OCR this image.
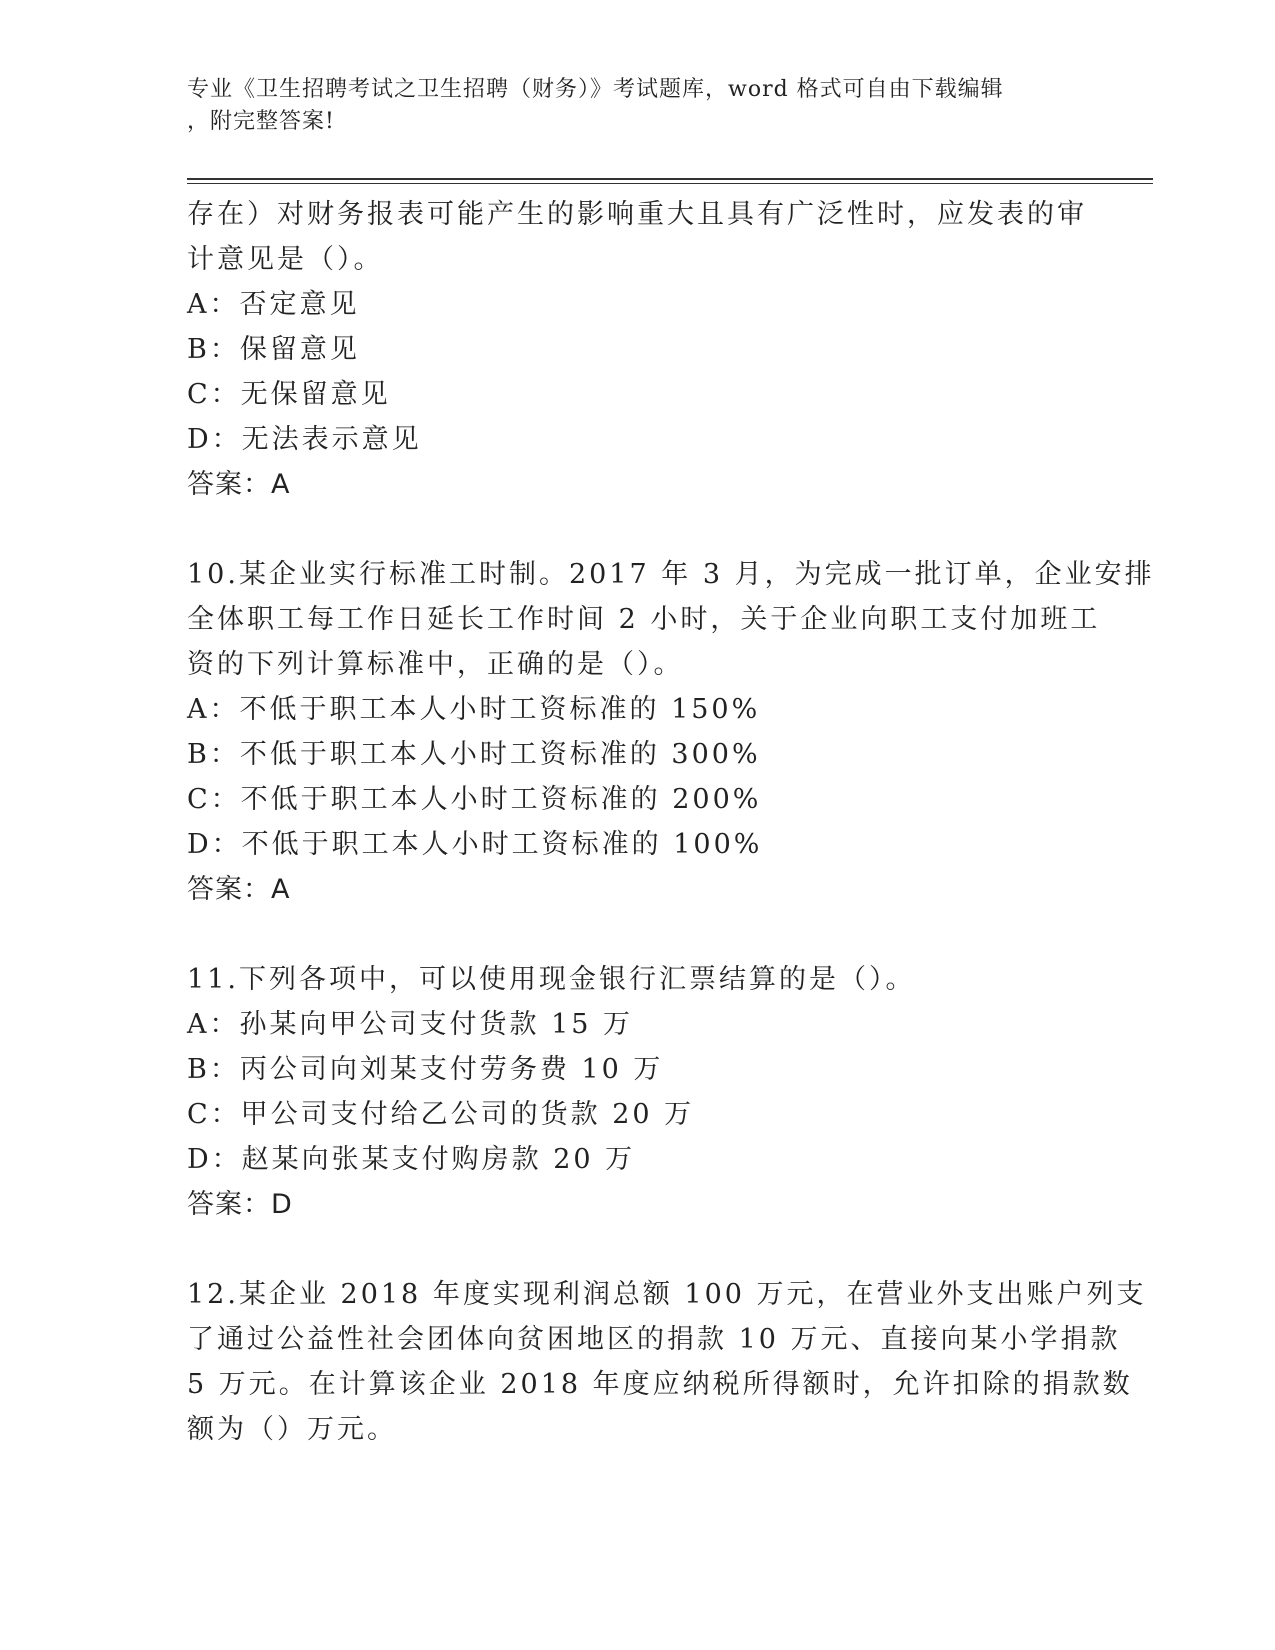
专业《卫生招聘考试之卫生招聘（财务）》考试题库，word 格式可自由下载编辑
，附完整答案!
存在）对财务报表可能产生的影响重大且具有广泛性时，应发表的审
计意见是（）。
A：否定意见
B：保留意见
C：无保留意见
D：无法表示意见
答案：A
10.某企业实行标准工时制。2017 年 3 月，为完成一批订单，企业安排
全体职工每工作日延长工作时间 2 小时，关于企业向职工支付加班工
资的下列计算标准中，正确的是（）。
A：不低于职工本人小时工资标准的 150%
B：不低于职工本人小时工资标准的 300%
C：不低于职工本人小时工资标准的 200%
D：不低于职工本人小时工资标准的 100%
答案：A
11.下列各项中，可以使用现金银行汇票结算的是（）。
A：孙某向甲公司支付货款 15 万
B：丙公司向刘某支付劳务费 10 万
C：甲公司支付给乙公司的货款 20 万
D：赵某向张某支付购房款 20 万
答案：D
12.某企业 2018 年度实现利润总额 100 万元，在营业外支出账户列支
了通过公益性社会团体向贫困地区的捐款 10 万元、直接向某小学捐款
5 万元。在计算该企业 2018 年度应纳税所得额时，允许扣除的捐款数
额为（）万元。
